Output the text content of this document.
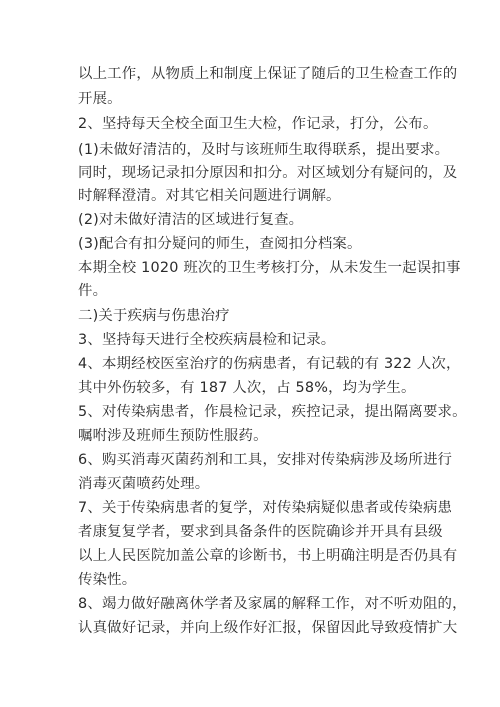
以上工作，从物质上和制度上保证了随后的卫生检查工作的
开展。
2、坚持每天全校全面卫生大检，作记录，打分，公布。
(1)未做好清洁的，及时与该班师生取得联系，提出要求。
同时，现场记录扣分原因和扣分。对区域划分有疑问的，及
时解释澄清。对其它相关问题进行调解。
(2)对未做好清洁的区域进行复查。
(3)配合有扣分疑问的师生，查阅扣分档案。
本期全校 1020 班次的卫生考核打分，从未发生一起误扣事
件。
二)关于疾病与伤患治疗
3、坚持每天进行全校疾病晨检和记录。
4、本期经校医室治疗的伤病患者，有记载的有 322 人次，
其中外伤较多，有 187 人次，占 58%，均为学生。
5、对传染病患者，作晨检记录，疾控记录，提出隔离要求。
嘱咐涉及班师生预防性服药。
6、购买消毒灭菌药剂和工具，安排对传染病涉及场所进行
消毒灭菌喷药处理。
7、关于传染病患者的复学，对传染病疑似患者或传染病患
者康复复学者，要求到具备条件的医院确诊并开具有县级
以上人民医院加盖公章的诊断书，书上明确注明是否仍具有
传染性。
8、竭力做好融离休学者及家属的解释工作，对不听劝阻的，
认真做好记录，并向上级作好汇报，保留因此导致疫情扩大
